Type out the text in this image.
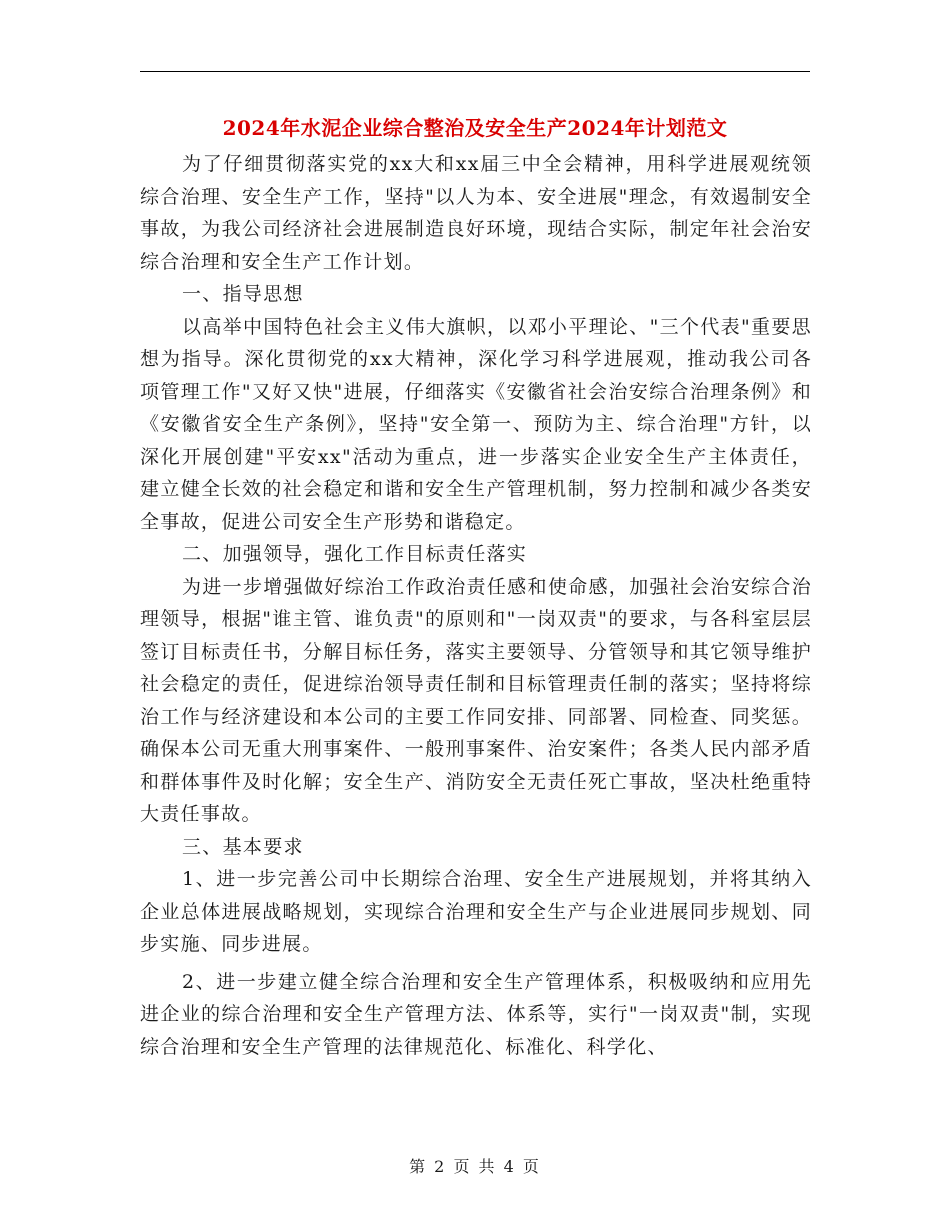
2024年水泥企业综合整治及安全生产2024年计划范文

为了仔细贯彻落实党的xx大和xx届三中全会精神，用科学进展观统领综合治理、安全生产工作，坚持"以人为本、安全进展"理念，有效遏制安全事故，为我公司经济社会进展制造良好环境，现结合实际，制定年社会治安综合治理和安全生产工作计划。

一、指导思想

以高举中国特色社会主义伟大旗帜，以邓小平理论、"三个代表"重要思想为指导。深化贯彻党的xx大精神，深化学习科学进展观，推动我公司各项管理工作"又好又快"进展，仔细落实《安徽省社会治安综合治理条例》和《安徽省安全生产条例》，坚持"安全第一、预防为主、综合治理"方针，以深化开展创建"平安xx"活动为重点，进一步落实企业安全生产主体责任，建立健全长效的社会稳定和谐和安全生产管理机制，努力控制和减少各类安全事故，促进公司安全生产形势和谐稳定。

二、加强领导，强化工作目标责任落实

为进一步增强做好综治工作政治责任感和使命感，加强社会治安综合治理领导，根据"谁主管、谁负责"的原则和"一岗双责"的要求，与各科室层层签订目标责任书，分解目标任务，落实主要领导、分管领导和其它领导维护社会稳定的责任，促进综治领导责任制和目标管理责任制的落实；坚持将综治工作与经济建设和本公司的主要工作同安排、同部署、同检查、同奖惩。确保本公司无重大刑事案件、一般刑事案件、治安案件；各类人民内部矛盾和群体事件及时化解；安全生产、消防安全无责任死亡事故，坚决杜绝重特大责任事故。

三、基本要求

1、进一步完善公司中长期综合治理、安全生产进展规划，并将其纳入企业总体进展战略规划，实现综合治理和安全生产与企业进展同步规划、同步实施、同步进展。

2、进一步建立健全综合治理和安全生产管理体系，积极吸纳和应用先进企业的综合治理和安全生产管理方法、体系等，实行"一岗双责"制，实现综合治理和安全生产管理的法律规范化、标准化、科学化、

第 2 页 共 4 页
